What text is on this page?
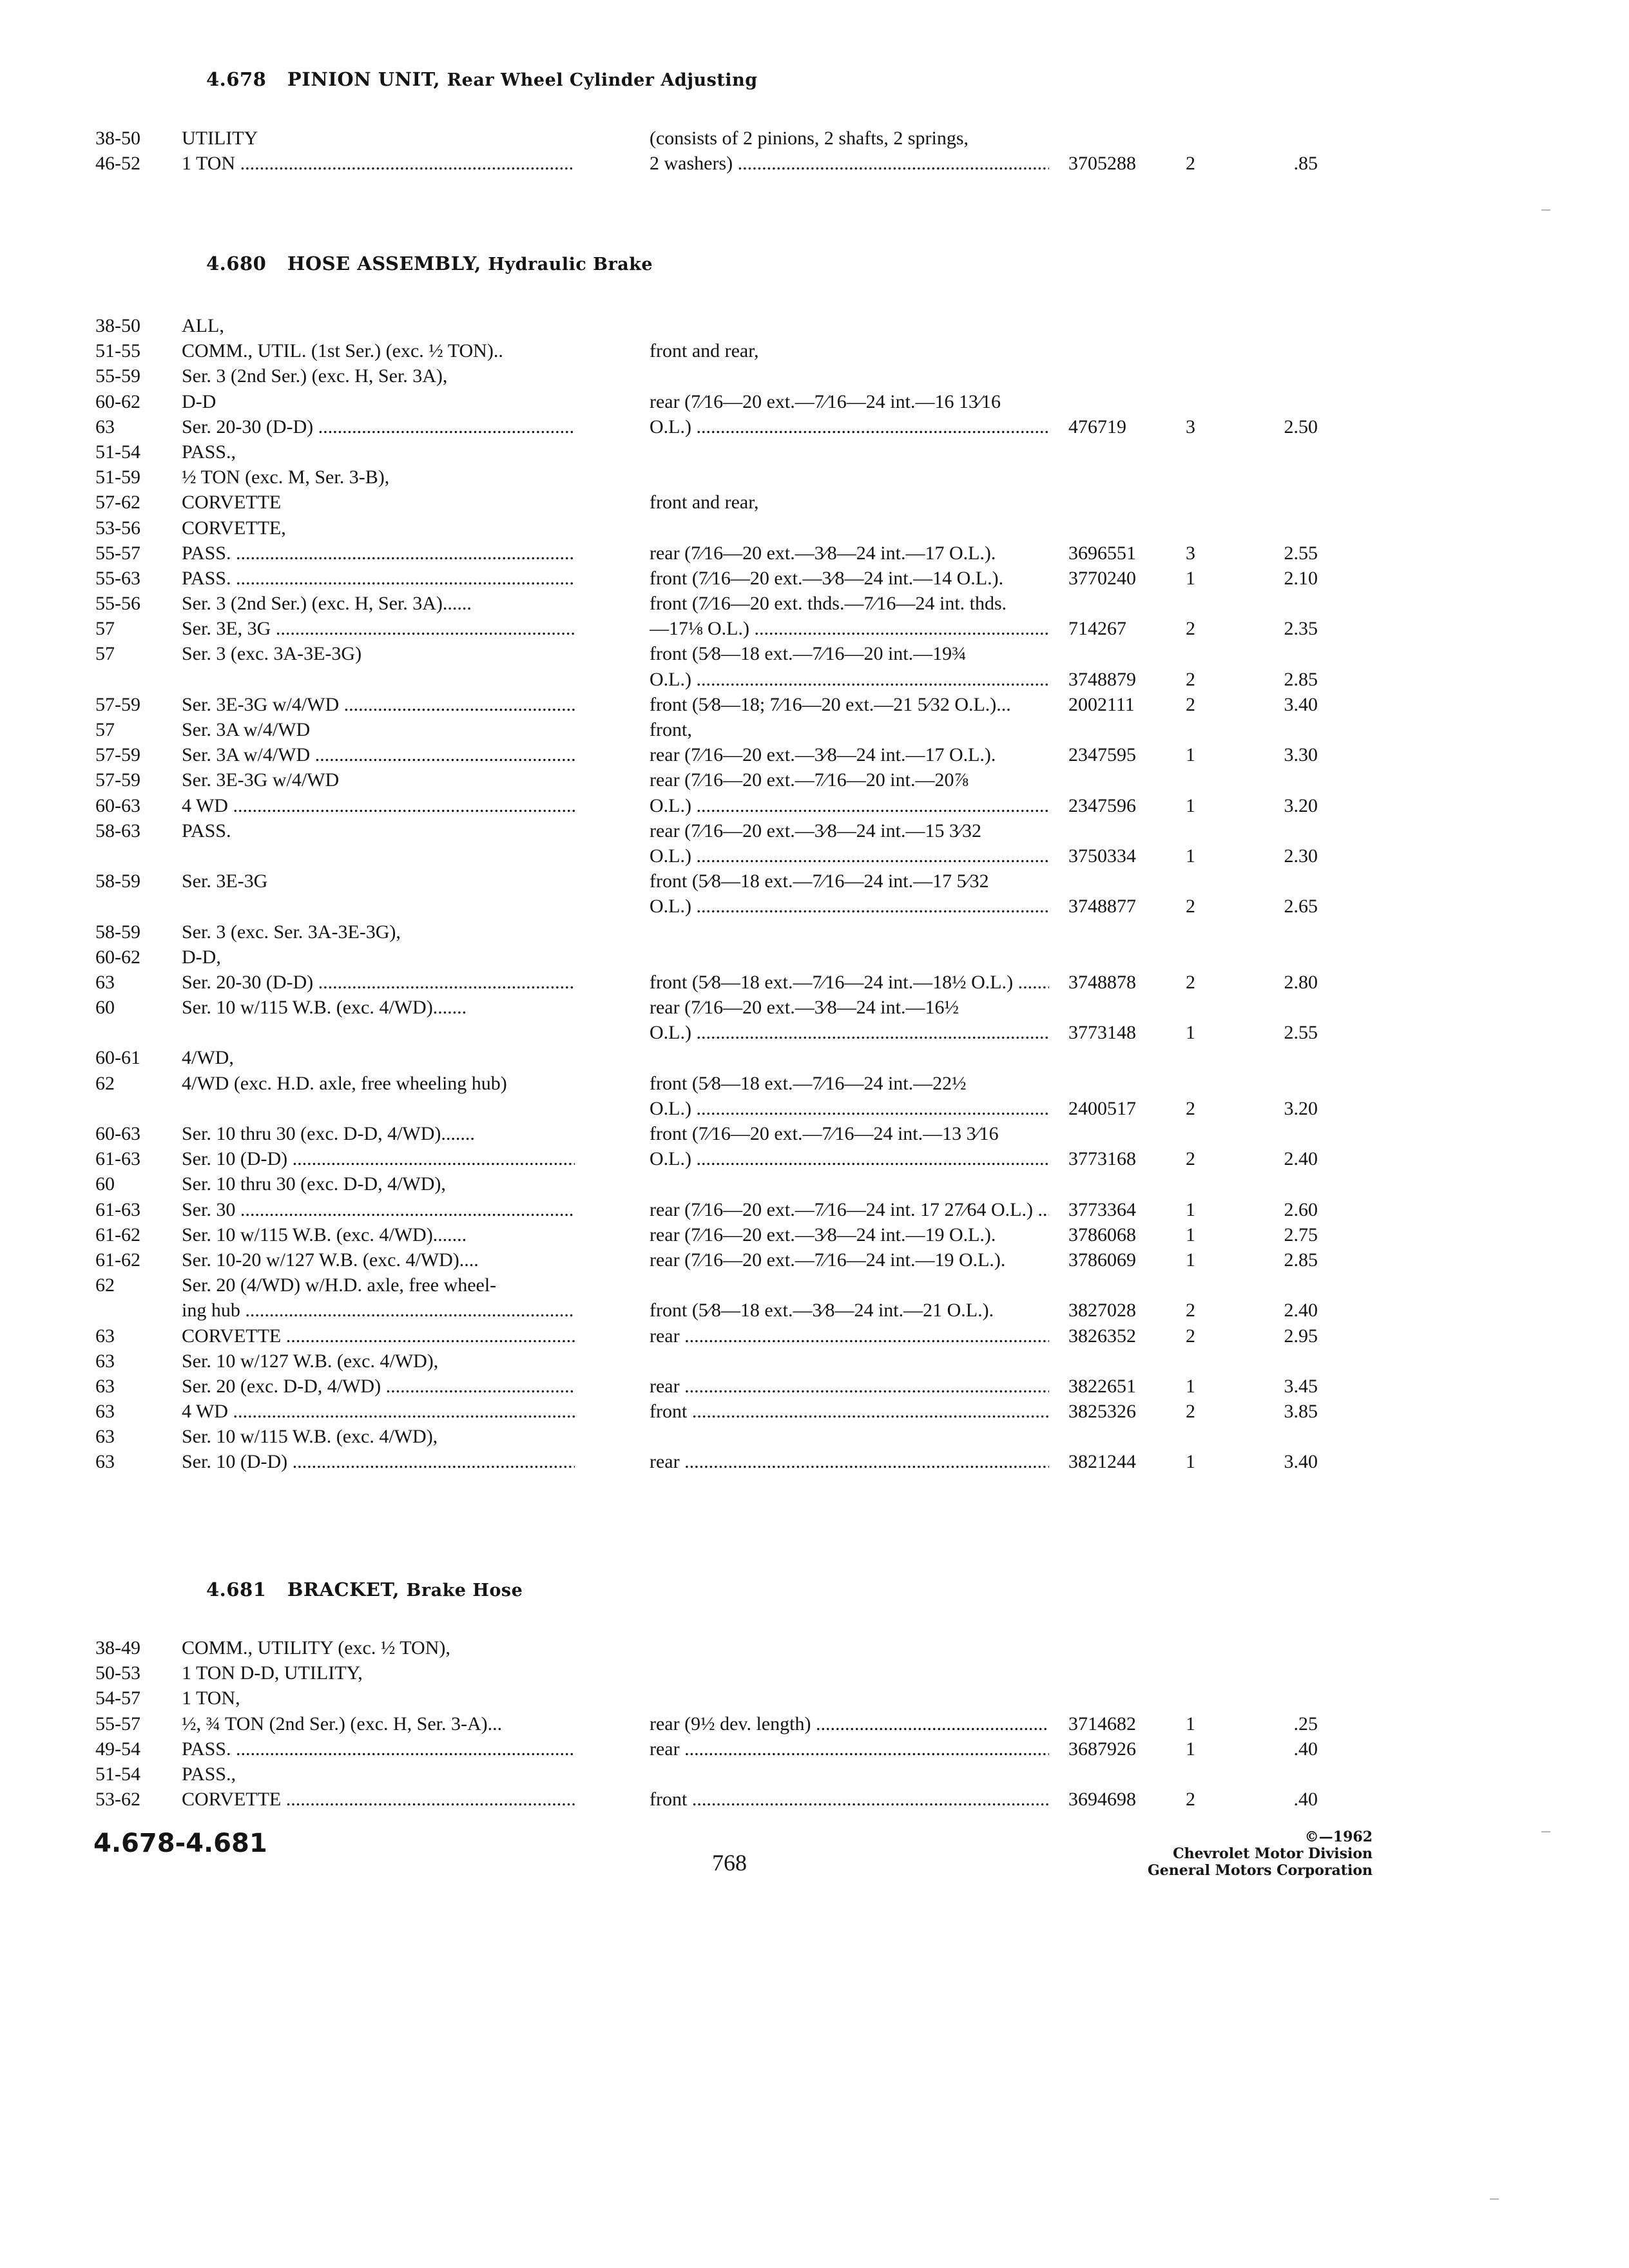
4.678 PINION UNIT, Rear Wheel Cylinder Adjusting
38-50 UTILITY	(consists of 2 pinions, 2 shafts, 2 springs,
46-52 1 TON .....	2 washers) .....	3705288	2	.85
4.680 HOSE ASSEMBLY, Hydraulic Brake
38-50 ALL,
51-55 COMM., UTIL. (1st Ser.) (exc. ½ TON)..	front and rear,
55-59 Ser. 3 (2nd Ser.) (exc. H, Ser. 3A),
60-62 D-D	rear (7⁄16—20 ext.—7⁄16—24 int.—16 13⁄16
63	Ser. 20-30 (D-D) .....	O.L.) .....	476719	3	2.50
51-54 PASS.,
51-59 ½ TON (exc. M, Ser. 3-B),
57-62 CORVETTE	front and rear,
53-56 CORVETTE,
55-57 PASS. .....	rear (7⁄16—20 ext.—3⁄8—24 int.—17 O.L.).	3696551	3	2.55
55-63 PASS. .....	front (7⁄16—20 ext.—3⁄8—24 int.—14 O.L.).	3770240	1	2.10
55-56 Ser. 3 (2nd Ser.) (exc. H, Ser. 3A)......	front (7⁄16—20 ext. thds.—7⁄16—24 int. thds.
57	Ser. 3E, 3G .....	—17⅛ O.L.) .....	714267	2	2.35
57	Ser. 3 (exc. 3A-3E-3G)	front (5⁄8—18 ext.—7⁄16—20 int.—19¾
O.L.) .....	3748879	2	2.85
57-59 Ser. 3E-3G w/4/WD .....	front (5⁄8—18; 7⁄16—20 ext.—21 5⁄32 O.L.)...	2002111	2	3.40
57	Ser. 3A w/4/WD	front,
57-59 Ser. 3A w/4/WD .....	rear (7⁄16—20 ext.—3⁄8—24 int.—17 O.L.).	2347595	1	3.30
57-59 Ser. 3E-3G w/4/WD	rear (7⁄16—20 ext.—7⁄16—20 int.—20⅞
60-63 4 WD .....	O.L.) .....	2347596	1	3.20
58-63 PASS.	rear (7⁄16—20 ext.—3⁄8—24 int.—15 3⁄32
O.L.) .....	3750334	1	2.30
58-59 Ser. 3E-3G	front (5⁄8—18 ext.—7⁄16—24 int.—17 5⁄32
O.L.) .....	3748877	2	2.65
58-59 Ser. 3 (exc. Ser. 3A-3E-3G),
60-62 D-D,
63	Ser. 20-30 (D-D) .....	front (5⁄8—18 ext.—7⁄16—24 int.—18½ O.L.) .....	3748878	2	2.80
60	Ser. 10 w/115 W.B. (exc. 4/WD).......	rear (7⁄16—20 ext.—3⁄8—24 int.—16½
O.L.) .....	3773148	1	2.55
60-61 4/WD,
62	4/WD (exc. H.D. axle, free wheeling hub)	front (5⁄8—18 ext.—7⁄16—24 int.—22½
O.L.) .....	2400517	2	3.20
60-63 Ser. 10 thru 30 (exc. D-D, 4/WD).......	front (7⁄16—20 ext.—7⁄16—24 int.—13 3⁄16
61-63 Ser. 10 (D-D) .....	O.L.) .....	3773168	2	2.40
60	Ser. 10 thru 30 (exc. D-D, 4/WD),
61-63 Ser. 30 .....	rear (7⁄16—20 ext.—7⁄16—24 int. 17 27⁄64 O.L.) .....	3773364	1	2.60
61-62 Ser. 10 w/115 W.B. (exc. 4/WD).......	rear (7⁄16—20 ext.—3⁄8—24 int.—19 O.L.).	3786068	1	2.75
61-62 Ser. 10-20 w/127 W.B. (exc. 4/WD)....	rear (7⁄16—20 ext.—7⁄16—24 int.—19 O.L.).	3786069	1	2.85
62	Ser. 20 (4/WD) w/H.D. axle, free wheel-
ing hub .....	front (5⁄8—18 ext.—3⁄8—24 int.—21 O.L.).	3827028	2	2.40
63	CORVETTE .....	rear .....	3826352	2	2.95
63	Ser. 10 w/127 W.B. (exc. 4/WD),
63	Ser. 20 (exc. D-D, 4/WD) .....	rear .....	3822651	1	3.45
63	4 WD .....	front .....	3825326	2	3.85
63	Ser. 10 w/115 W.B. (exc. 4/WD),
63	Ser. 10 (D-D) .....	rear .....	3821244	1	3.40
4.681 BRACKET, Brake Hose
38-49 COMM., UTILITY (exc. ½ TON),
50-53 1 TON D-D, UTILITY,
54-57 1 TON,
55-57 ½, ¾ TON (2nd Ser.) (exc. H, Ser. 3-A)...	rear (9½ dev. length) .....	3714682	1	.25
49-54 PASS. .....	rear .....	3687926	1	.40
51-54 PASS.,
53-62 CORVETTE .....	front .....	3694698	2	.40
4.678-4.681
768
©—1962
Chevrolet Motor Division
General Motors Corporation
